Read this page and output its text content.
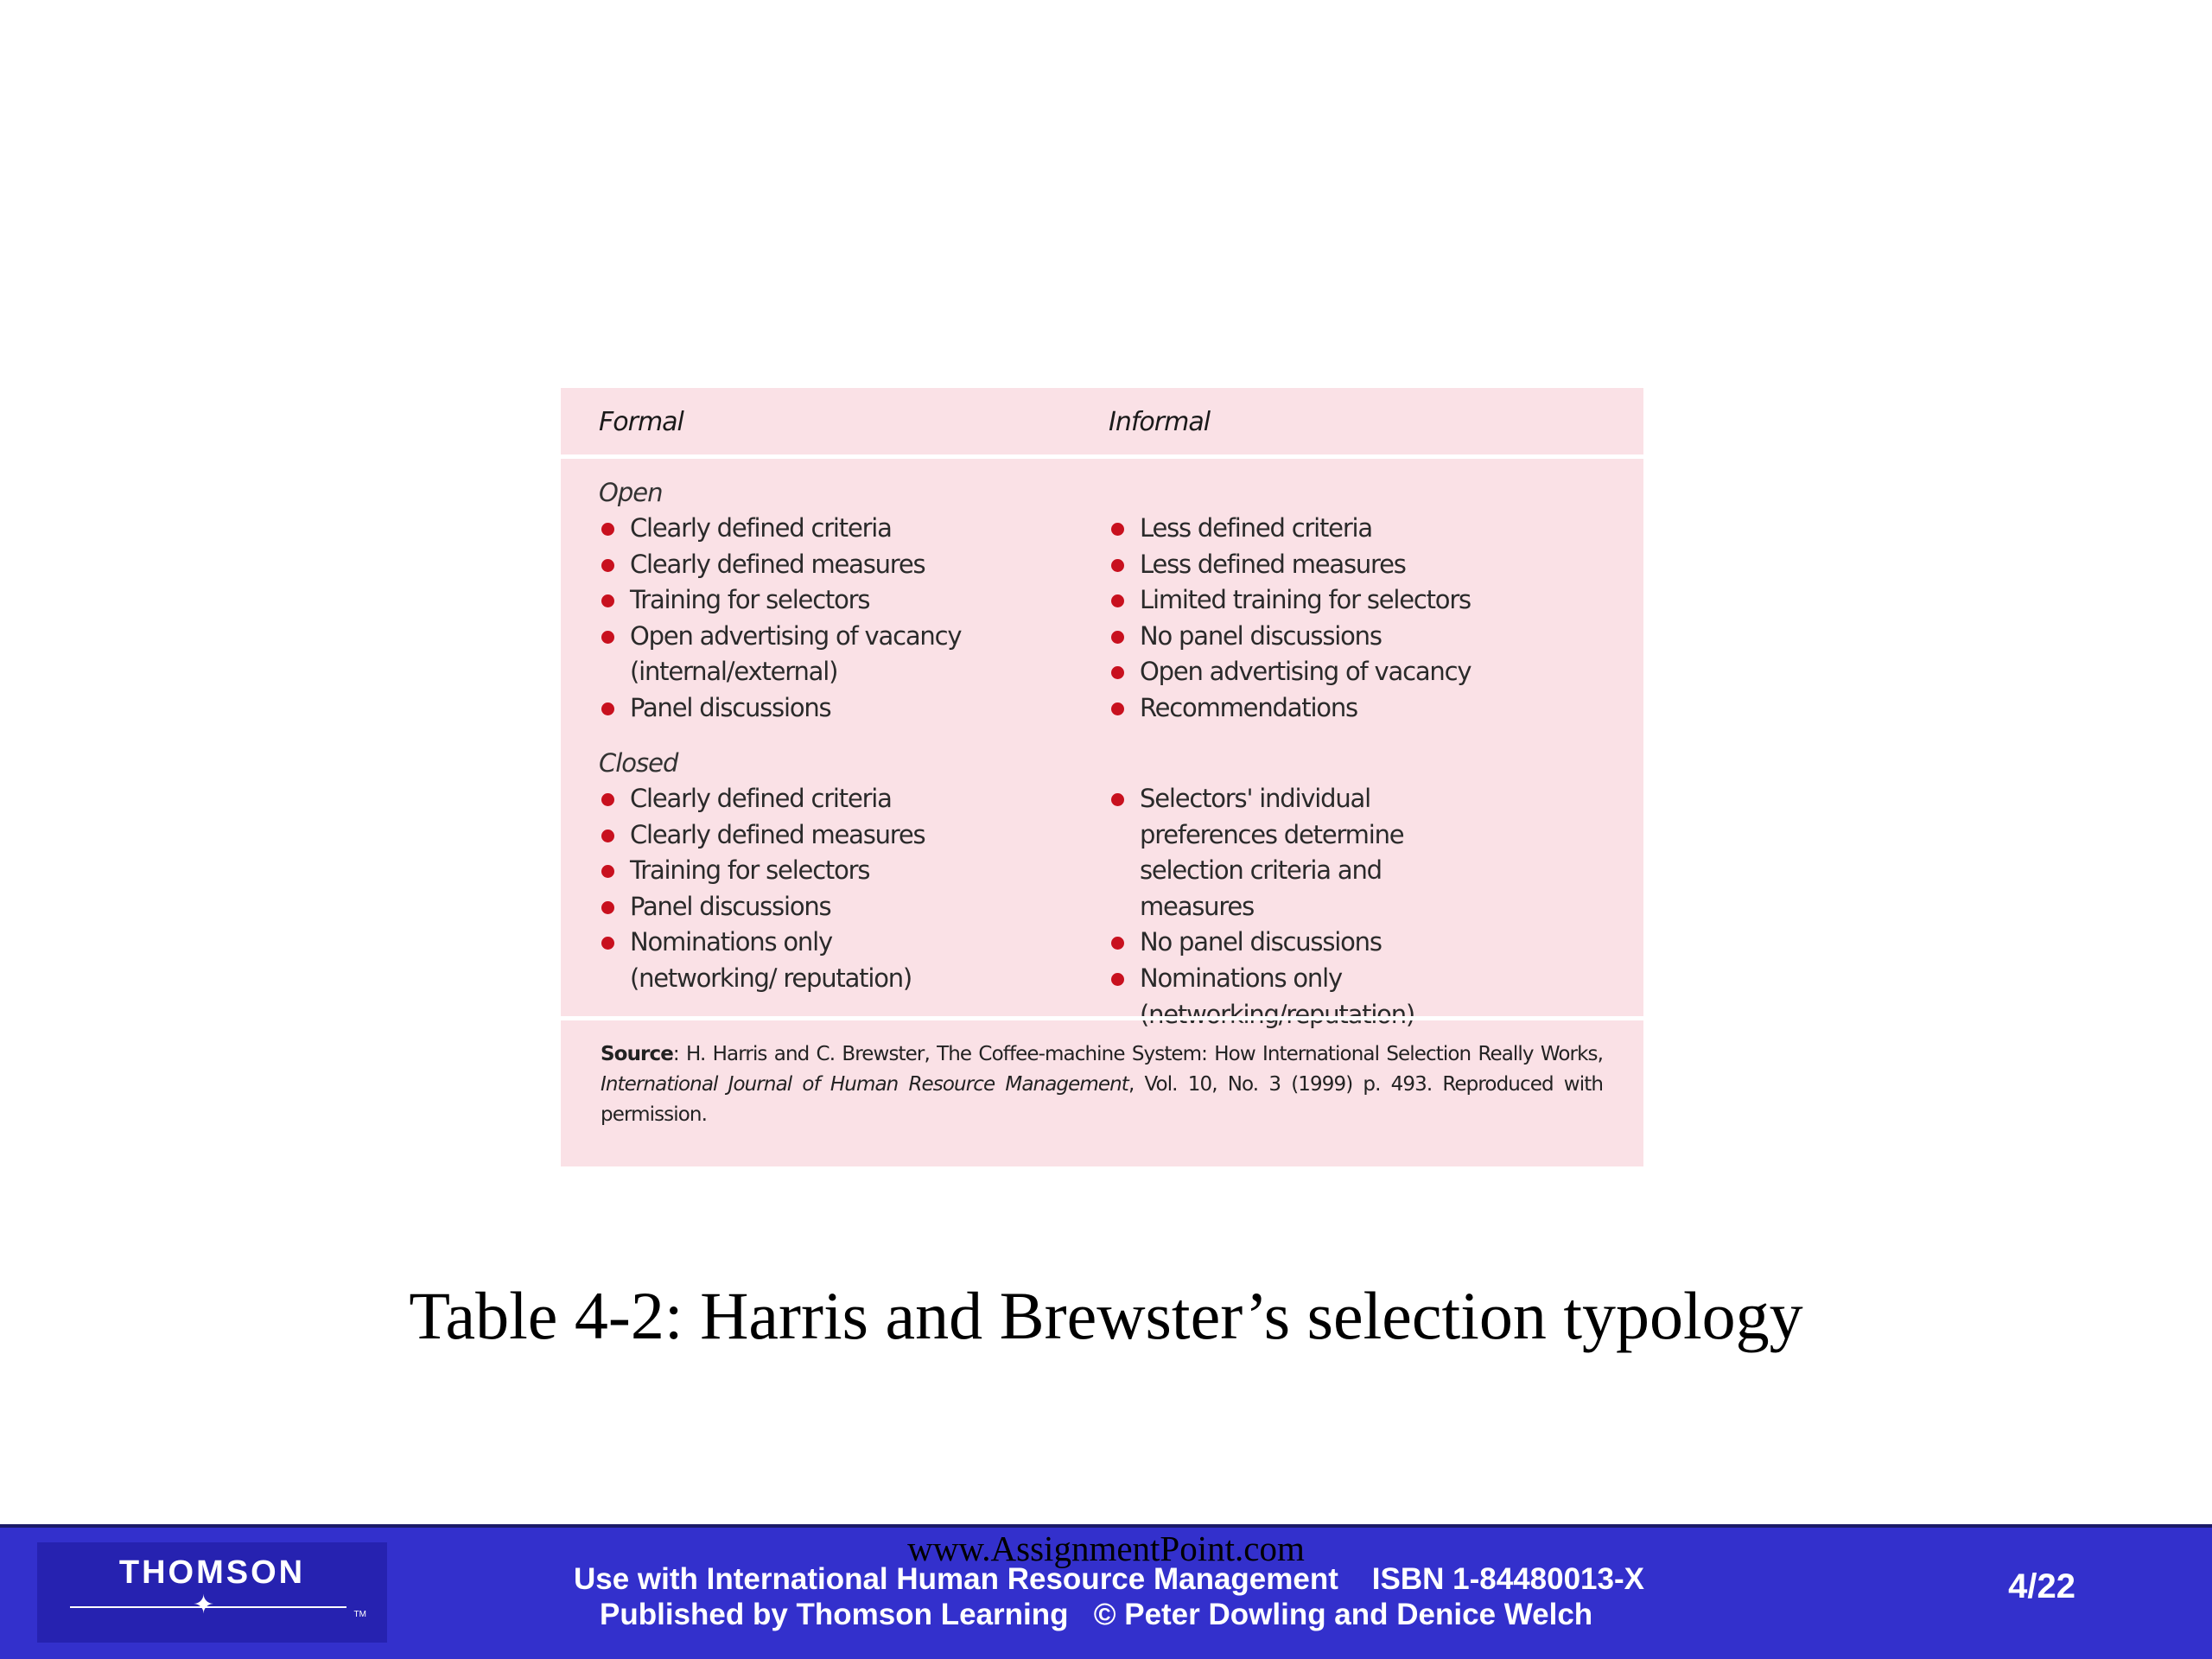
Formal	Informal
Open
Clearly defined criteria
Clearly defined measures
Training for selectors
Open advertising of vacancy (internal/external)
Panel discussions
Closed
Clearly defined criteria
Clearly defined measures
Training for selectors
Panel discussions
Nominations only (networking/ reputation)
Less defined criteria
Less defined measures
Limited training for selectors
No panel discussions
Open advertising of vacancy
Recommendations
Selectors' individual preferences determine selection criteria and measures
No panel discussions
Nominations only (networking/reputation)
Source: H. Harris and C. Brewster, The Coffee-machine System: How International Selection Really Works, International Journal of Human Resource Management, Vol. 10, No. 3 (1999) p. 493. Reproduced with permission.
Table 4-2: Harris and Brewster’s selection typology
THOMSON
✦	TM
Use with International Human Resource Management    ISBN 1-84480013-X
Published by Thomson Learning   © Peter Dowling and Denice Welch
4/22
www.AssignmentPoint.com
